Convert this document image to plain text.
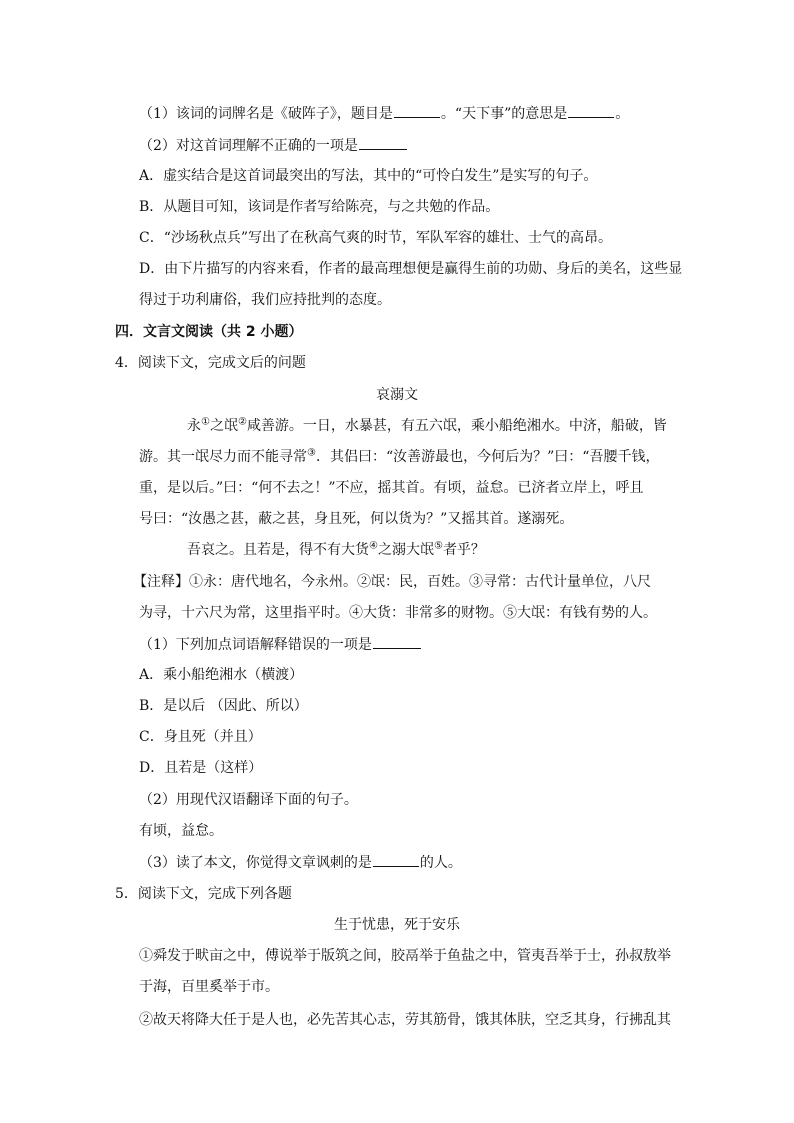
（1）该词的词牌名是《破阵子》，题目是	。“天下事”的意思是	。
（2）对这首词理解不正确的一项是
A．虚实结合是这首词最突出的写法，其中的“可怜白发生”是实写的句子。
B．从题目可知，该词是作者写给陈亮，与之共勉的作品。
C．“沙场秋点兵”写出了在秋高气爽的时节，军队军容的雄壮、士气的高昂。
D．由下片描写的内容来看，作者的最高理想便是赢得生前的功勋、身后的美名，这些显
得过于功利庸俗，我们应持批判的态度。
四．文言文阅读（共 2 小题）
4．阅读下文，完成文后的问题
哀溺文
永①之氓②咸善游。一日，水暴甚，有五六氓，乘小船绝湘水。中济，船破，皆
游。其一氓尽力而不能寻常③．其侣曰：“汝善游最也，今何后为？”曰：“吾腰千钱，
重，是以后。”曰：“何不去之！”不应，摇其首。有顷，益怠。已济者立岸上，呼且
号曰：“汝愚之甚，蔽之甚，身且死，何以货为？”又摇其首。遂溺死。
吾哀之。且若是，得不有大货④之溺大氓⑤者乎？
【注释】①永：唐代地名，今永州。②氓：民，百姓。③寻常：古代计量单位，八尺
为寻，十六尺为常，这里指平时。④大货：非常多的财物。⑤大氓：有钱有势的人。
（1）下列加点词语解释错误的一项是
A．乘小船绝湘水（横渡）
B．是以后 （因此、所以）
C．身且死（并且）
D．且若是（这样）
（2）用现代汉语翻译下面的句子。
有顷，益怠。
（3）读了本文，你觉得文章讽刺的是	的人。
5．阅读下文，完成下列各题
生于忧患，死于安乐
①舜发于畎亩之中，傅说举于版筑之间，胶鬲举于鱼盐之中，管夷吾举于士，孙叔敖举
于海，百里奚举于市。
②故天将降大任于是人也，必先苦其心志，劳其筋骨，饿其体肤，空乏其身，行拂乱其
